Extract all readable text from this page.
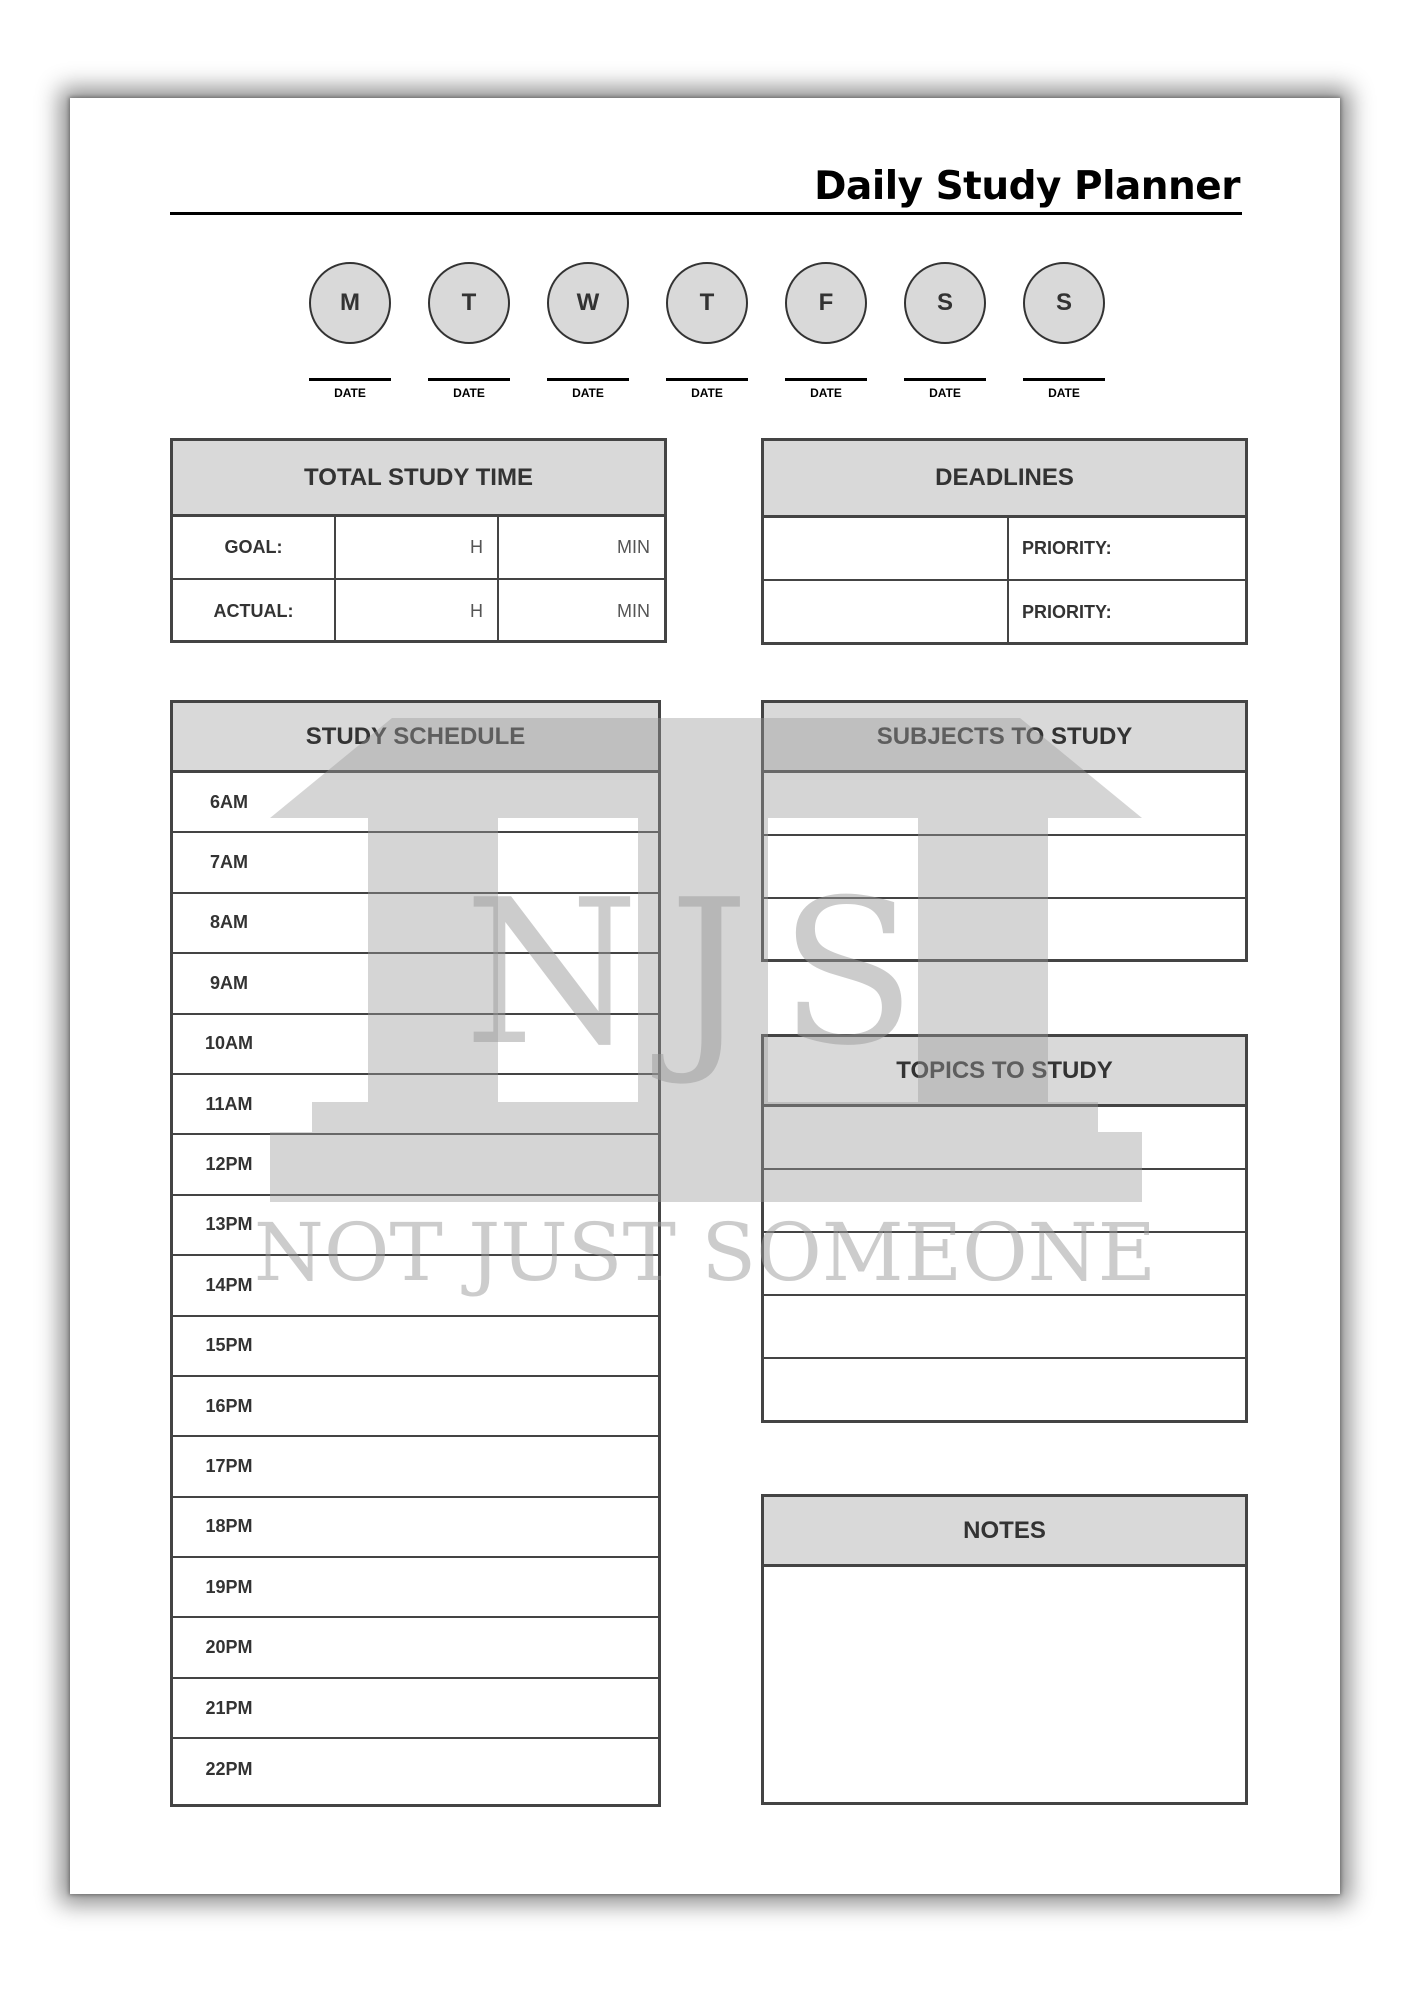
Daily Study Planner
M
DATE
T
DATE
W
DATE
T
DATE
F
DATE
S
DATE
S
DATE
TOTAL STUDY TIME
GOAL:	H	MIN
ACTUAL:	H	MIN
DEADLINES
PRIORITY:
PRIORITY:
STUDY SCHEDULE
6AM
7AM
8AM
9AM
10AM
11AM
12PM
13PM
14PM
15PM
16PM
17PM
18PM
19PM
20PM
21PM
22PM
SUBJECTS TO STUDY
TOPICS TO STUDY
NOTES
NJS
NOT JUST SOMEONE
